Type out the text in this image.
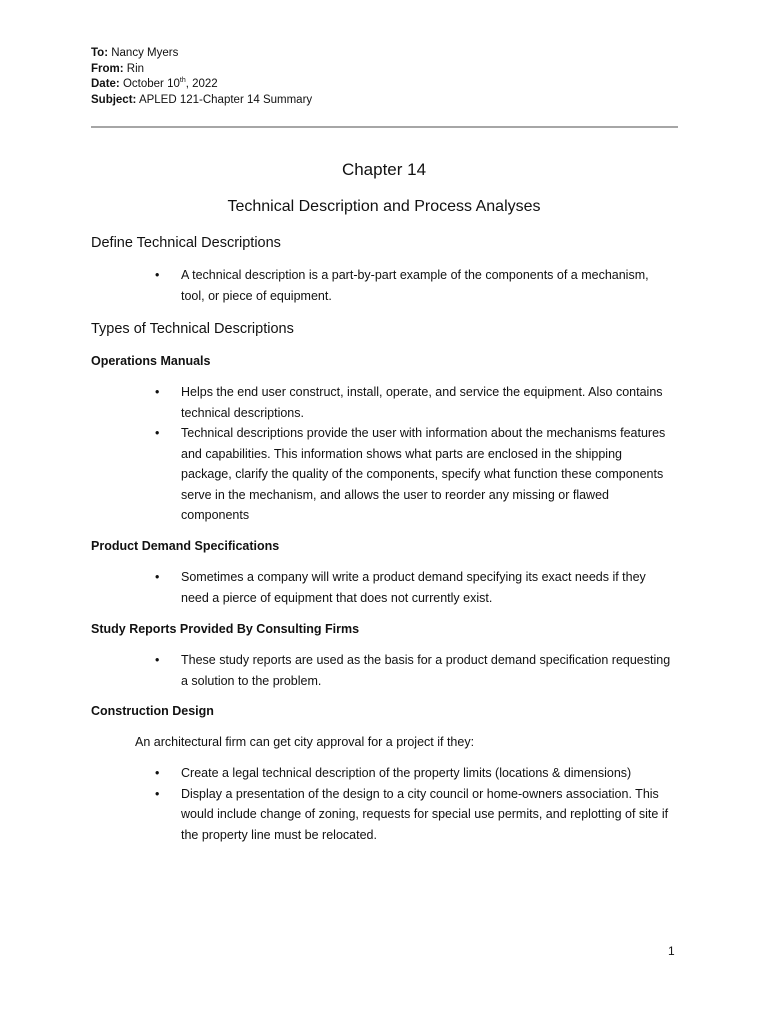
To: Nancy Myers
From: Rin
Date: October 10th, 2022
Subject: APLED 121-Chapter 14 Summary
Chapter 14
Technical Description and Process Analyses
Define Technical Descriptions
• A technical description is a part-by-part example of the components of a mechanism, tool, or piece of equipment.
Types of Technical Descriptions
Operations Manuals
• Helps the end user construct, install, operate, and service the equipment. Also contains technical descriptions.
• Technical descriptions provide the user with information about the mechanisms features and capabilities. This information shows what parts are enclosed in the shipping package, clarify the quality of the components, specify what function these components serve in the mechanism, and allows the user to reorder any missing or flawed components
Product Demand Specifications
• Sometimes a company will write a product demand specifying its exact needs if they need a pierce of equipment that does not currently exist.
Study Reports Provided By Consulting Firms
• These study reports are used as the basis for a product demand specification requesting a solution to the problem.
Construction Design
An architectural firm can get city approval for a project if they:
• Create a legal technical description of the property limits (locations & dimensions)
• Display a presentation of the design to a city council or home-owners association. This would include change of zoning, requests for special use permits, and replotting of site if the property line must be relocated.
1
